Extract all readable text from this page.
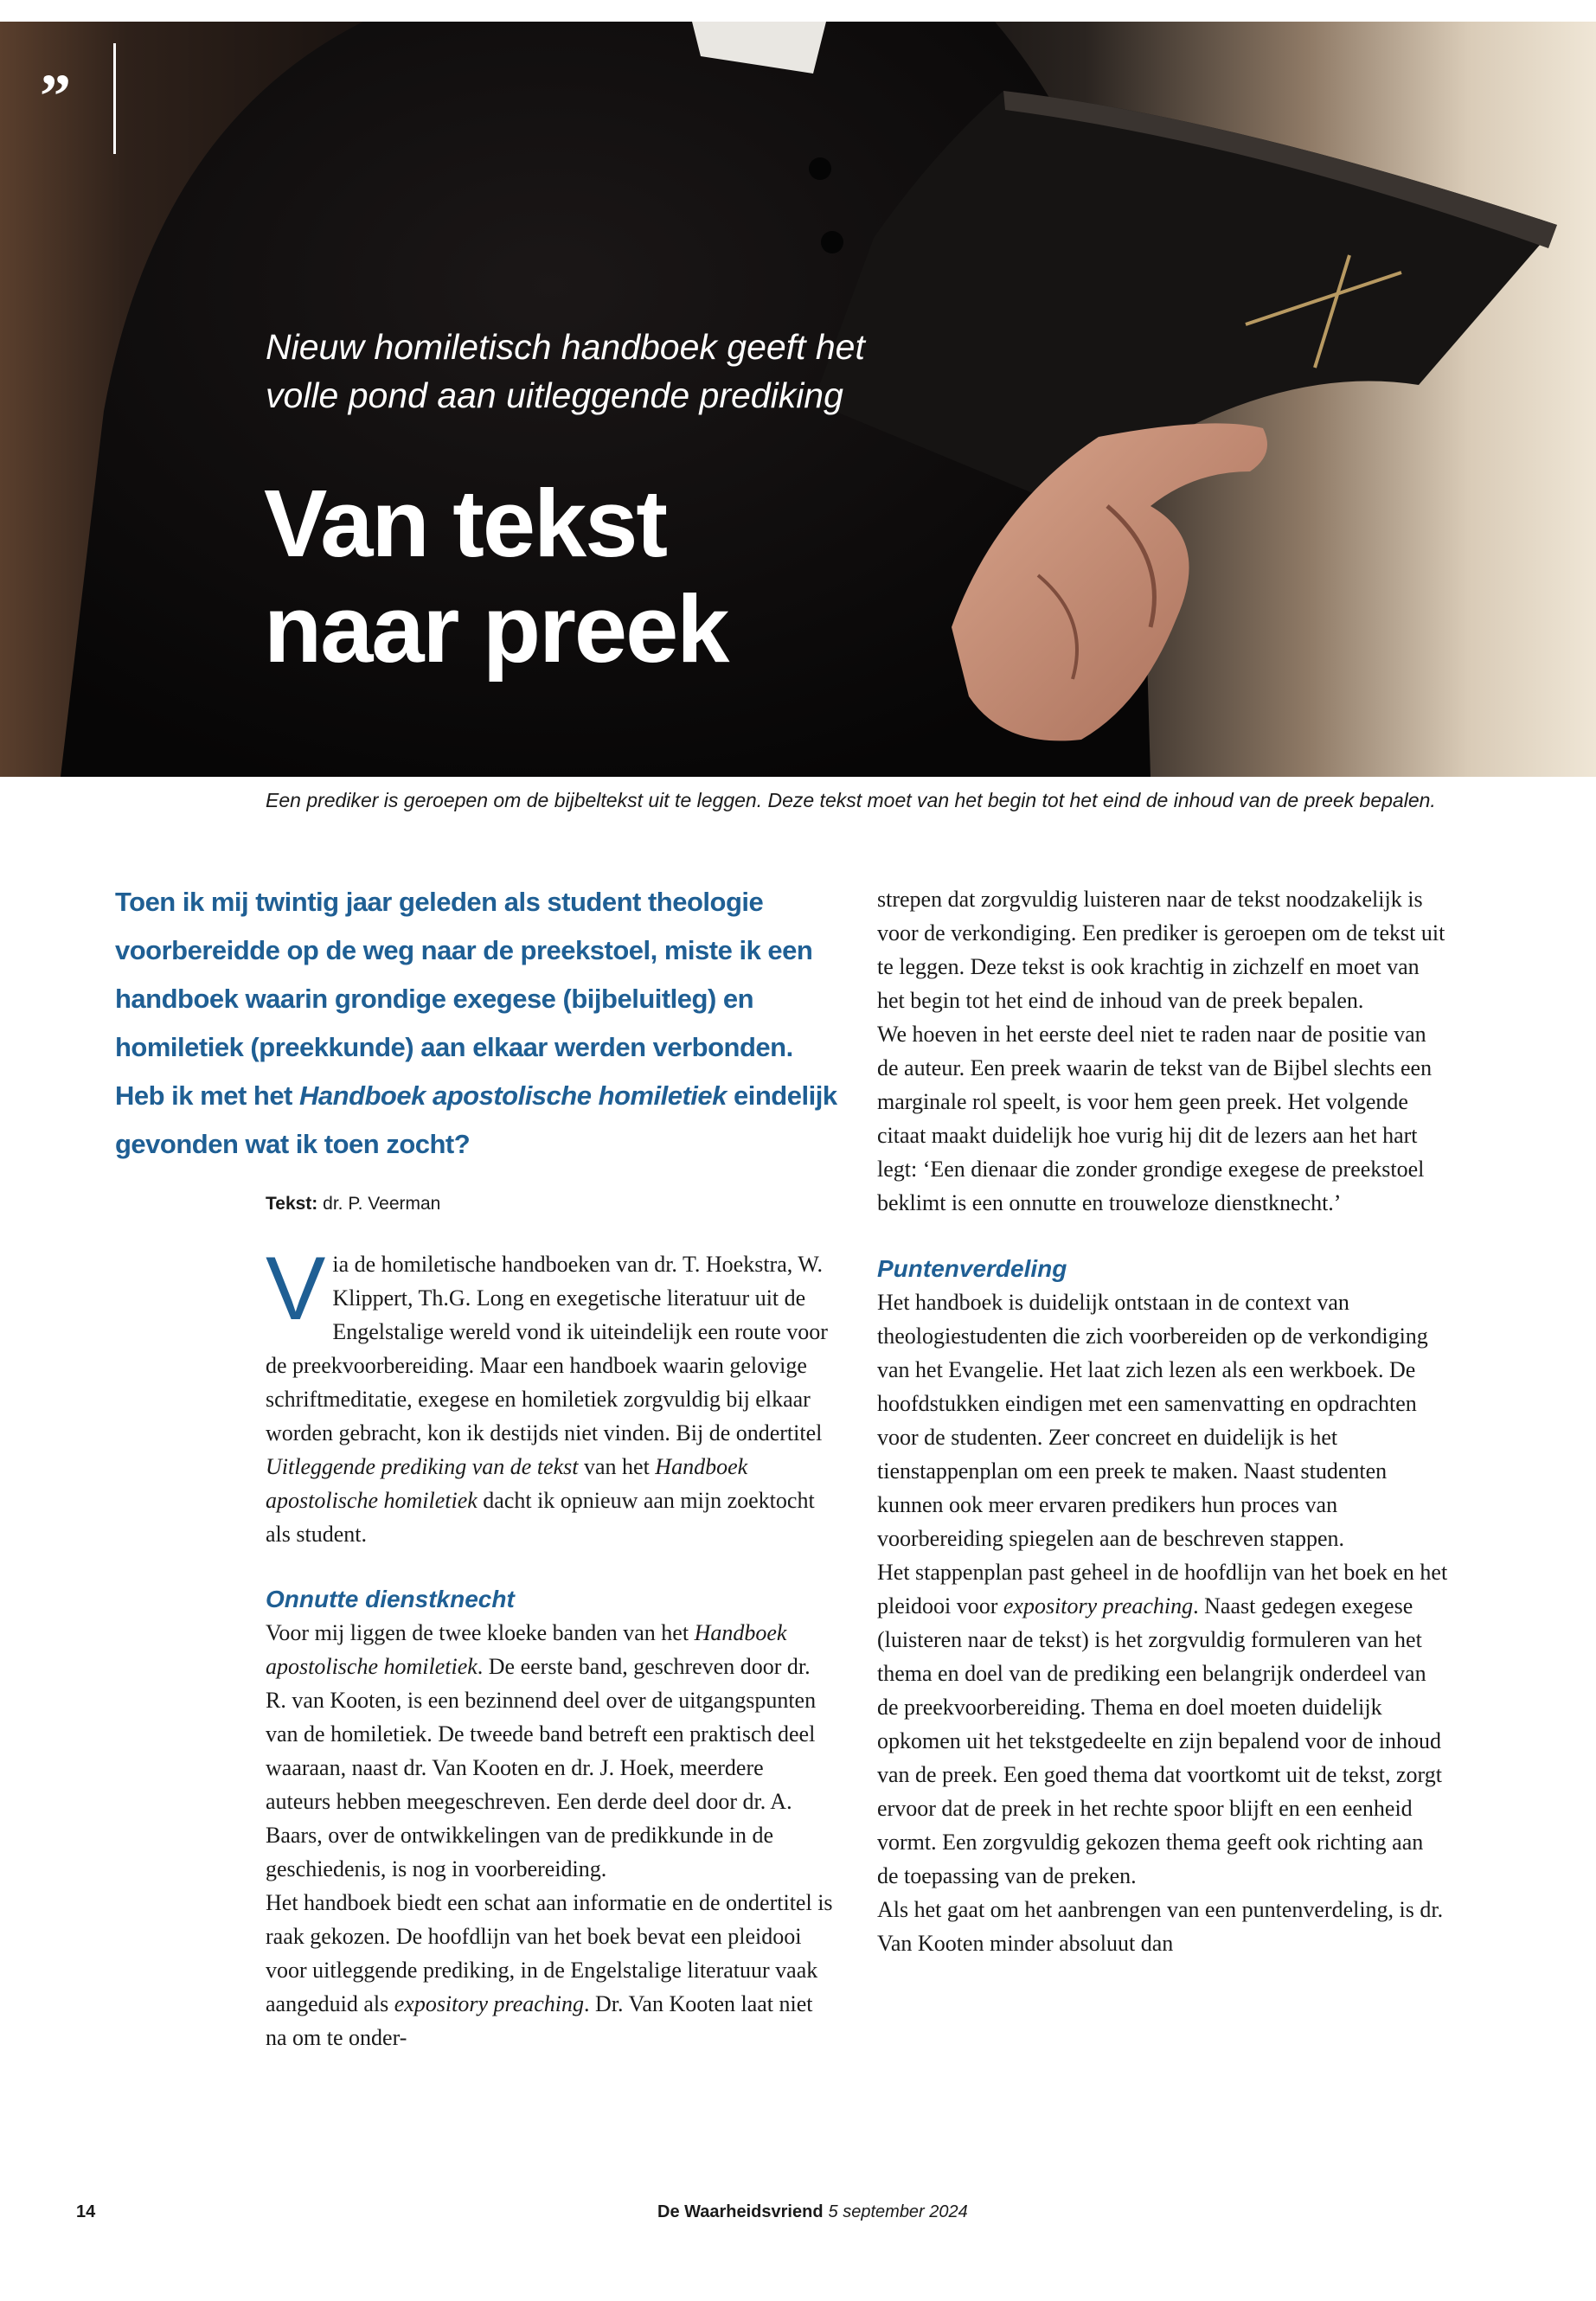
”
Nieuw homiletisch handboek geeft het
volle pond aan uitleggende prediking
Van tekst
naar preek
Een prediker is geroepen om de bijbeltekst uit te leggen. Deze tekst moet van het begin tot het eind de inhoud van de preek bepalen.
Toen ik mij twintig jaar geleden als student theologie voorbereidde op de weg naar de preekstoel, miste ik een handboek waarin grondige exegese (bijbeluitleg) en homiletiek (preekkunde) aan elkaar werden verbonden. Heb ik met het Handboek apostolische homiletiek eindelijk gevonden wat ik toen zocht?
Tekst: dr. P. Veerman

Via de homiletische handboeken van dr. T. Hoekstra, W. Klippert, Th.G. Long en exegetische literatuur uit de Engelstalige wereld vond ik uiteindelijk een route voor de preekvoorbereiding. Maar een handboek waarin gelovige schriftmeditatie, exegese en homiletiek zorgvuldig bij elkaar worden gebracht, kon ik destijds niet vinden. Bij de ondertitel Uitleggende prediking van de tekst van het Handboek apostolische homiletiek dacht ik opnieuw aan mijn zoektocht als student.

Onnutte dienstknecht

Voor mij liggen de twee kloeke banden van het Handboek apostolische homiletiek. De eerste band, geschreven door dr. R. van Kooten, is een bezinnend deel over de uitgangspunten van de homiletiek. De tweede band betreft een praktisch deel waaraan, naast dr. Van Kooten en dr. J. Hoek, meerdere auteurs hebben meegeschreven. Een derde deel door dr. A. Baars, over de ontwikkelingen van de predikkunde in de geschiedenis, is nog in voorbereiding.

Het handboek biedt een schat aan informatie en de ondertitel is raak gekozen. De hoofdlijn van het boek bevat een pleidooi voor uitleggende prediking, in de Engelstalige literatuur vaak aangeduid als expository preaching. Dr. Van Kooten laat niet na om te onder-

strepen dat zorgvuldig luisteren naar de tekst noodzakelijk is voor de verkondiging. Een prediker is geroepen om de tekst uit te leggen. Deze tekst is ook krachtig in zichzelf en moet van het begin tot het eind de inhoud van de preek bepalen.

We hoeven in het eerste deel niet te raden naar de positie van de auteur. Een preek waarin de tekst van de Bijbel slechts een marginale rol speelt, is voor hem geen preek. Het volgende citaat maakt duidelijk hoe vurig hij dit de lezers aan het hart legt: ‘Een dienaar die zonder grondige exegese de preekstoel beklimt is een onnutte en trouweloze dienstknecht.’

Puntenverdeling

Het handboek is duidelijk ontstaan in de context van theologiestudenten die zich voorbereiden op de verkondiging van het Evangelie. Het laat zich lezen als een werkboek. De hoofdstukken eindigen met een samenvatting en opdrachten voor de studenten. Zeer concreet en duidelijk is het tienstappenplan om een preek te maken. Naast studenten kunnen ook meer ervaren predikers hun proces van voorbereiding spiegelen aan de beschreven stappen.

Het stappenplan past geheel in de hoofdlijn van het boek en het pleidooi voor expository preaching. Naast gedegen exegese (luisteren naar de tekst) is het zorgvuldig formuleren van het thema en doel van de prediking een belangrijk onderdeel van de preekvoorbereiding. Thema en doel moeten duidelijk opkomen uit het tekstgedeelte en zijn bepalend voor de inhoud van de preek. Een goed thema dat voortkomt uit de tekst, zorgt ervoor dat de preek in het rechte spoor blijft en een eenheid vormt. Een zorgvuldig gekozen thema geeft ook richting aan de toepassing van de preken.

Als het gaat om het aanbrengen van een puntenverdeling, is dr. Van Kooten minder absoluut dan

14	De Waarheidsvriend 5 september 2024
